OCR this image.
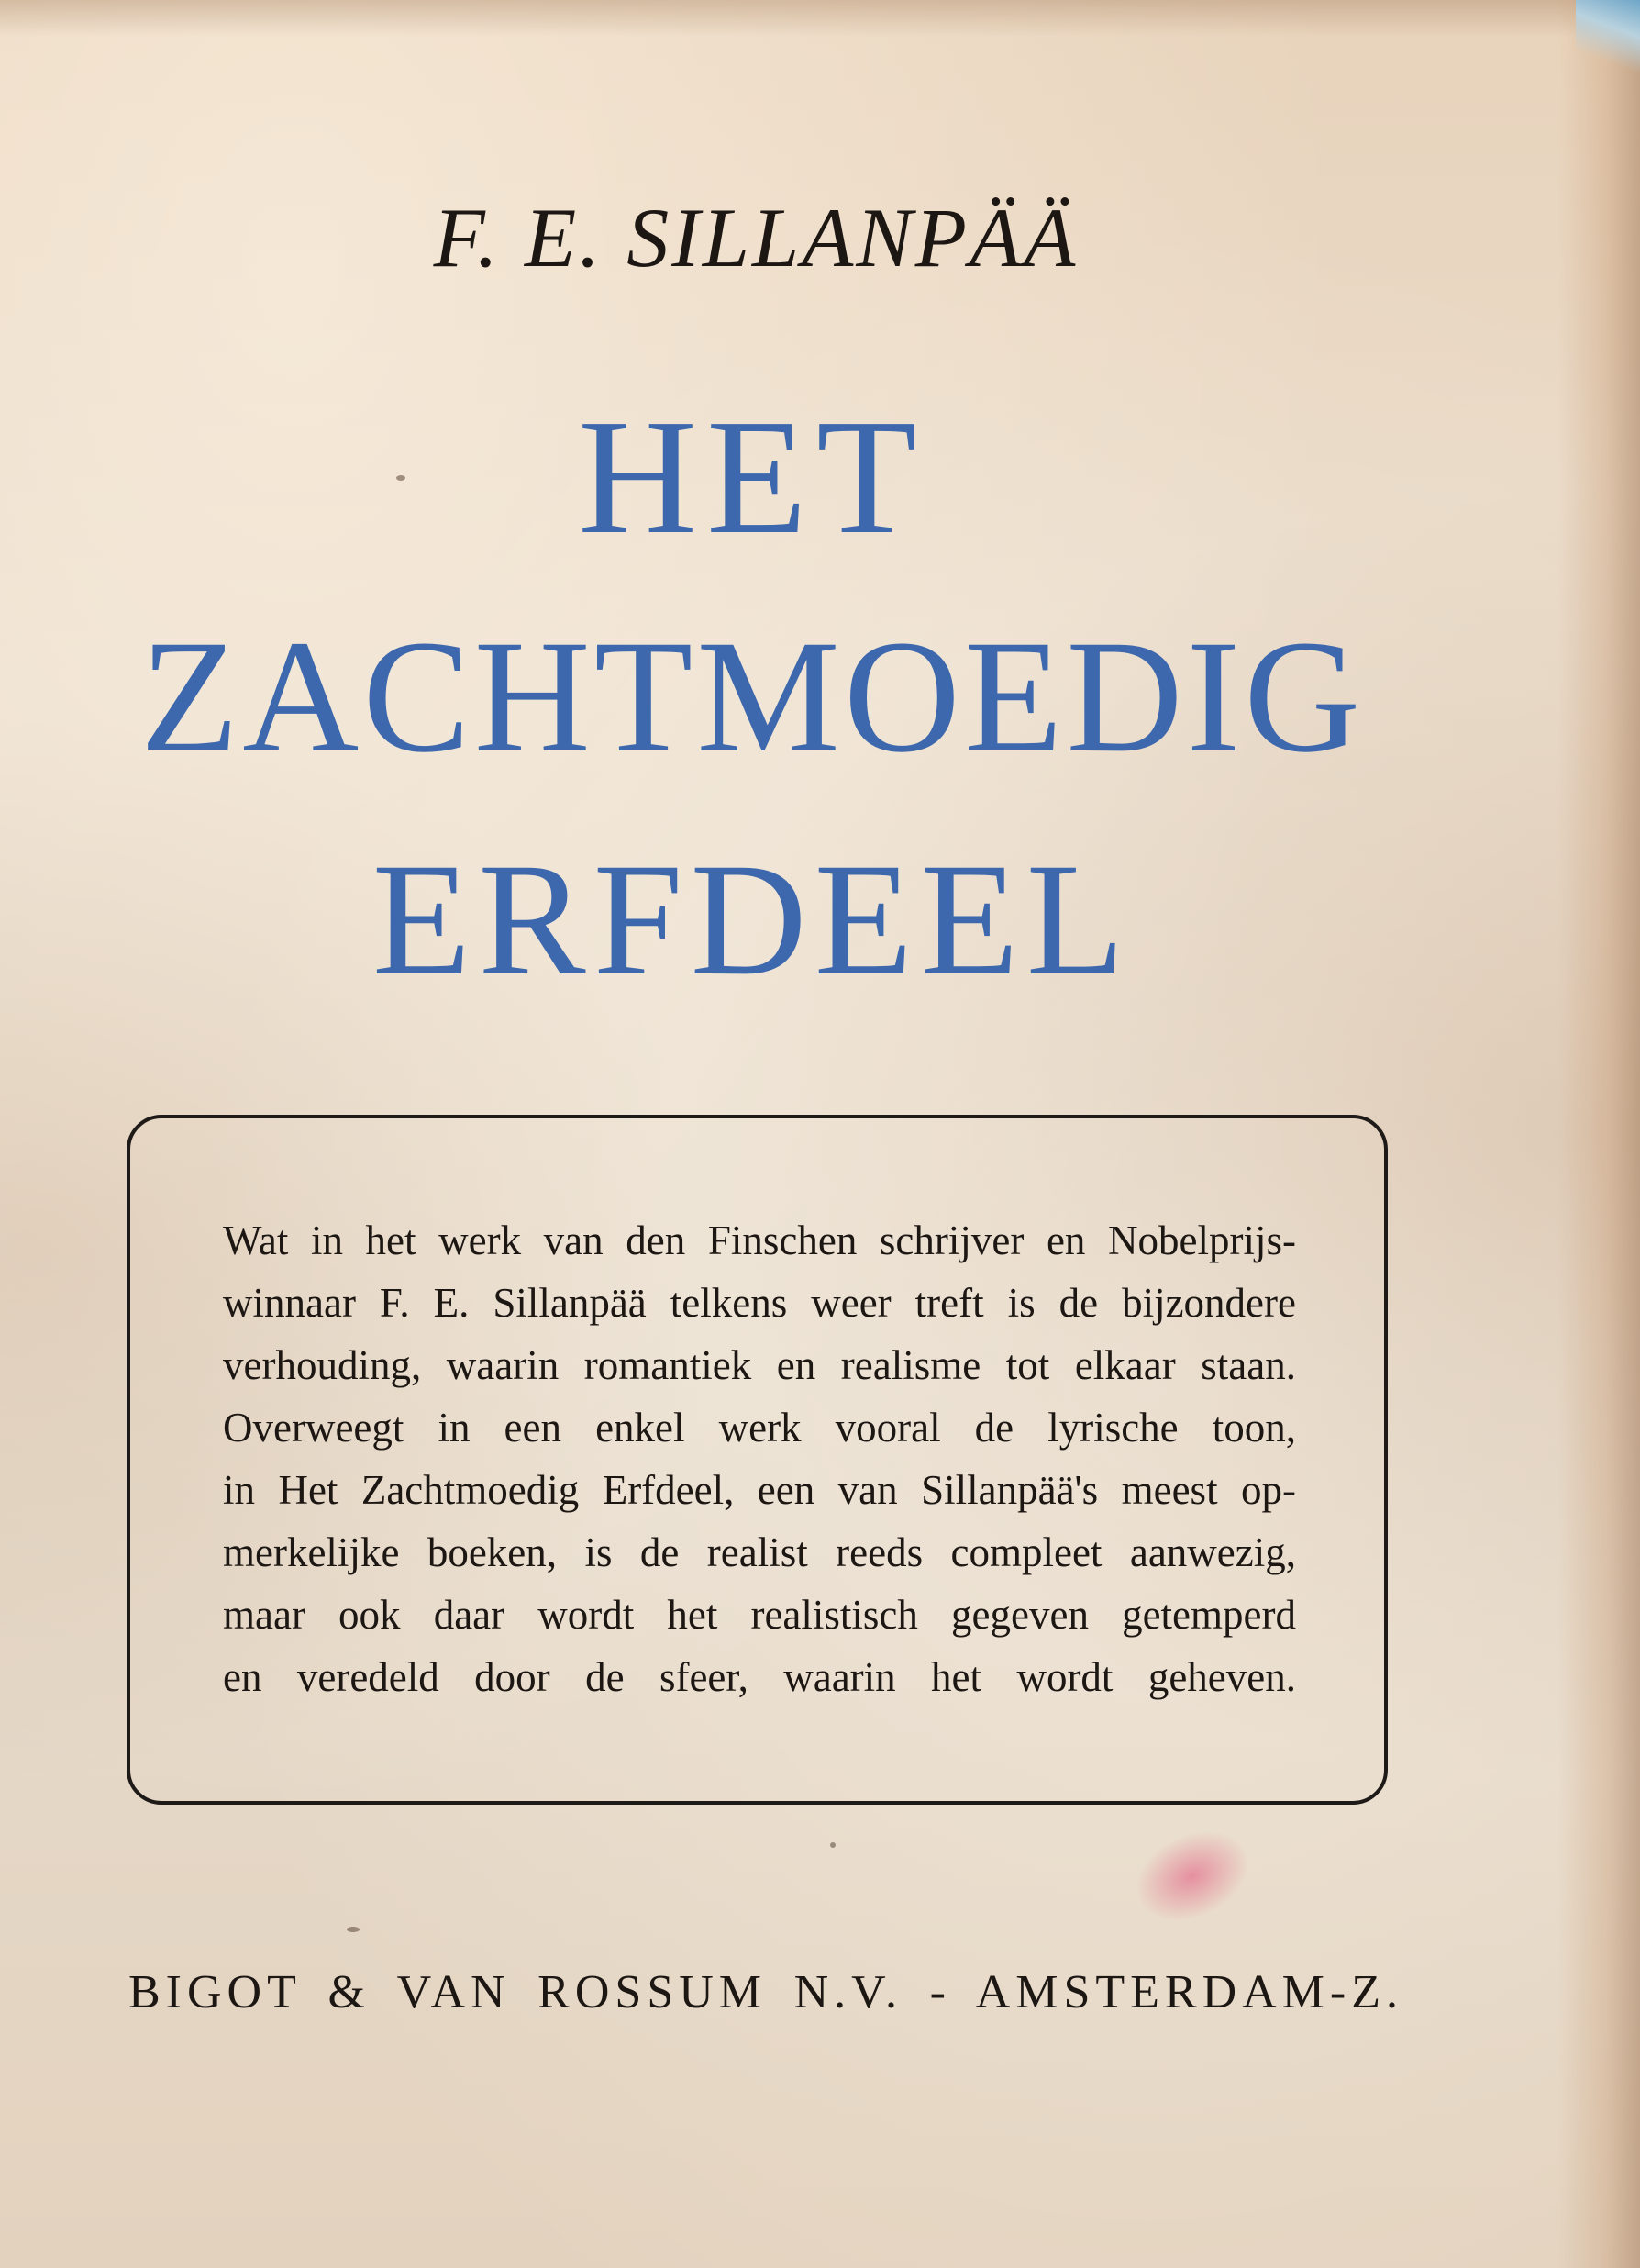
F. E. SILLANPÄÄ
HET
ZACHTMOEDIG
ERFDEEL
Wat in het werk van den Finschen schrijver en Nobelprijs-
winnaar F. E. Sillanpää telkens weer treft is de bijzondere
verhouding, waarin romantiek en realisme tot elkaar staan.
Overweegt in een enkel werk vooral de lyrische toon,
in Het Zachtmoedig Erfdeel, een van Sillanpää's meest op-
merkelijke boeken, is de realist reeds compleet aanwezig,
maar ook daar wordt het realistisch gegeven getemperd
en veredeld door de sfeer, waarin het wordt geheven.
BIGOT & VAN ROSSUM N.V. - AMSTERDAM-Z.
